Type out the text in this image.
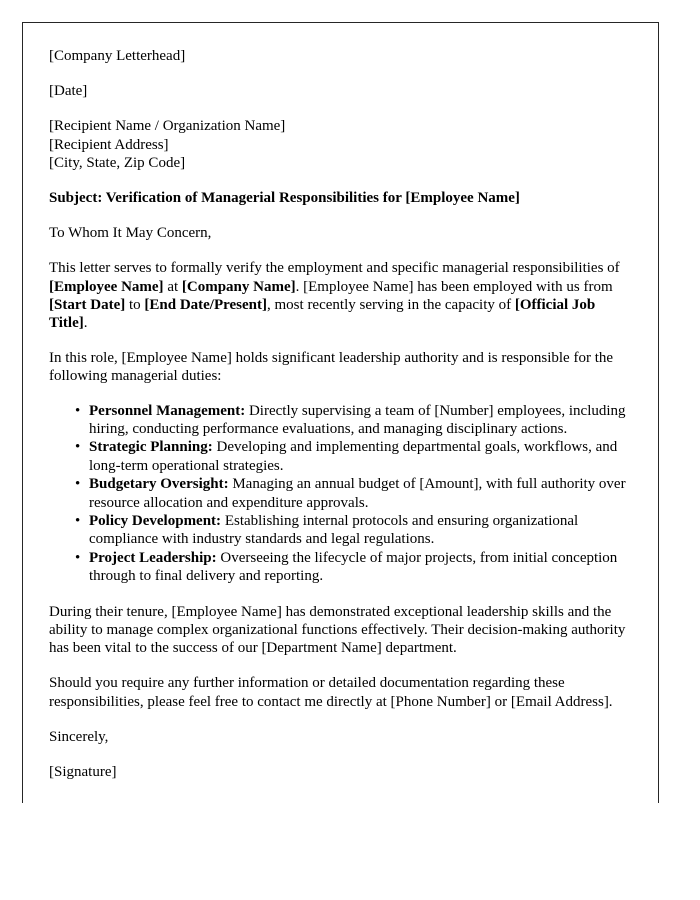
[Company Letterhead]

[Date]

[Recipient Name / Organization Name]

[Recipient Address]

[City, State, Zip Code]

Subject: Verification of Managerial Responsibilities for [Employee Name]

To Whom It May Concern,

This letter serves to formally verify the employment and specific managerial responsibilities of [Employee Name] at [Company Name]. [Employee Name] has been employed with us from [Start Date] to [End Date/Present], most recently serving in the capacity of [Official Job Title].

In this role, [Employee Name] holds significant leadership authority and is responsible for the following managerial duties:

• Personnel Management: Directly supervising a team of [Number] employees, including hiring, conducting performance evaluations, and managing disciplinary actions.
• Strategic Planning: Developing and implementing departmental goals, workflows, and long-term operational strategies.
• Budgetary Oversight: Managing an annual budget of [Amount], with full authority over resource allocation and expenditure approvals.
• Policy Development: Establishing internal protocols and ensuring organizational compliance with industry standards and legal regulations.
• Project Leadership: Overseeing the lifecycle of major projects, from initial conception through to final delivery and reporting.

During their tenure, [Employee Name] has demonstrated exceptional leadership skills and the ability to manage complex organizational functions effectively. Their decision-making authority has been vital to the success of our [Department Name] department.

Should you require any further information or detailed documentation regarding these responsibilities, please feel free to contact me directly at [Phone Number] or [Email Address].

Sincerely,

[Signature]
